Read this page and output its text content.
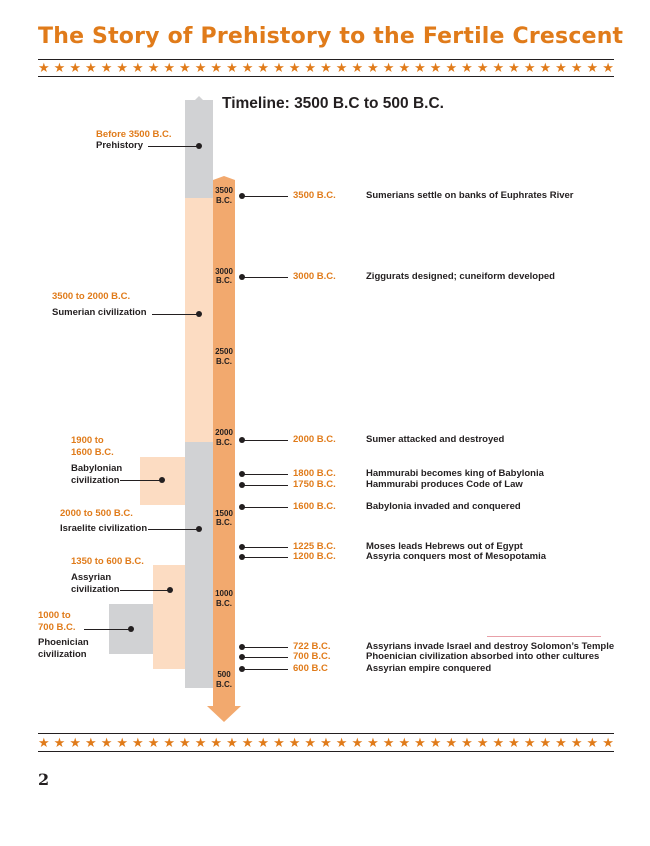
The Story of Prehistory to the Fertile Crescent
★ ★ ★ ★ ★ ★ ★ ★ ★ ★ ★ ★ ★ ★ ★ ★ ★ ★ ★ ★ ★ ★ ★ ★ ★ ★ ★ ★ ★ ★ ★ ★ ★ ★ ★ ★ ★
Timeline: 3500 B.C to 500 B.C.
3500
B.C.
3000
B.C.
2500
B.C.
2000
B.C.
1500
B.C.
1000
B.C.
500
B.C.
3500 B.C.	Sumerians settle on banks of Euphrates River
3000 B.C.	Ziggurats designed; cuneiform developed
2000 B.C.	Sumer attacked and destroyed
1800 B.C.	Hammurabi becomes king of Babylonia
1750 B.C.	Hammurabi produces Code of Law
1600 B.C.	Babylonia invaded and conquered
1225 B.C.	Moses leads Hebrews out of Egypt
1200 B.C.	Assyria conquers most of Mesopotamia
722 B.C.	Assyrians invade Israel and destroy Solomon’s Temple
700 B.C.	Phoenician civilization absorbed into other cultures
600 B.C	Assyrian empire conquered
Before 3500 B.C.
Prehistory
3500 to 2000 B.C.
Sumerian civilization
1900 to
1600 B.C.
Babylonian
civilization
2000 to 500 B.C.
Israelite civilization
1350 to 600 B.C.
Assyrian
civilization
1000 to
700 B.C.
Phoenician
civilization
★ ★ ★ ★ ★ ★ ★ ★ ★ ★ ★ ★ ★ ★ ★ ★ ★ ★ ★ ★ ★ ★ ★ ★ ★ ★ ★ ★ ★ ★ ★ ★ ★ ★ ★ ★ ★
2
